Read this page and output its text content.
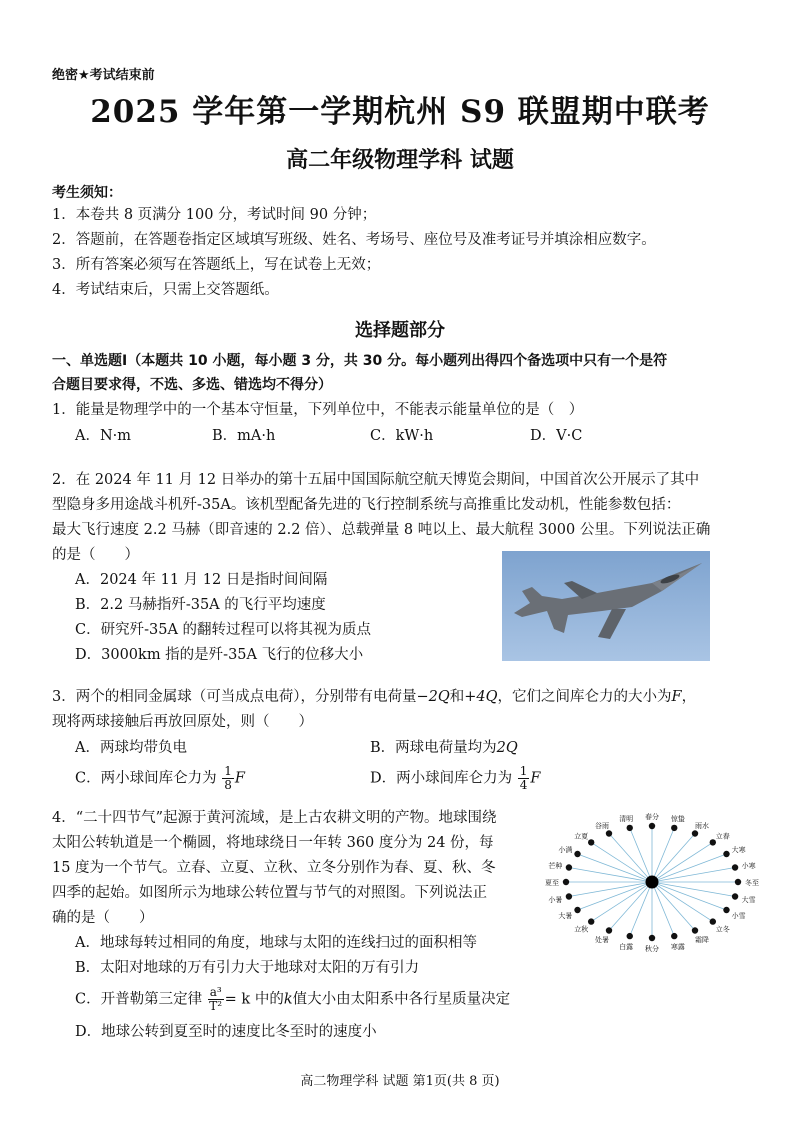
绝密★考试结束前
2025 学年第一学期杭州 S9 联盟期中联考
高二年级物理学科 试题
考生须知：
1．本卷共 8 页满分 100 分，考试时间 90 分钟；
2．答题前，在答题卷指定区域填写班级、姓名、考场号、座位号及准考证号并填涂相应数字。
3．所有答案必须写在答题纸上，写在试卷上无效；
4．考试结束后，只需上交答题纸。
选择题部分
一、单选题Ⅰ（本题共 10 小题，每小题 3 分，共 30 分。每小题列出得四个备选项中只有一个是符
合题目要求得，不选、多选、错选均不得分）
1．能量是物理学中的一个基本守恒量，下列单位中，不能表示能量单位的是（　）
A．N·m	B．mA·h	C．kW·h	D．V·C
2．在 2024 年 11 月 12 日举办的第十五届中国国际航空航天博览会期间，中国首次公开展示了其中
型隐身多用途战斗机歼-35A。该机型配备先进的飞行控制系统与高推重比发动机，性能参数包括：
最大飞行速度 2.2 马赫（即音速的 2.2 倍）、总载弹量 8 吨以上、最大航程 3000 公里。下列说法正确
的是（　　）
A．2024 年 11 月 12 日是指时间间隔
B．2.2 马赫指歼-35A 的飞行平均速度
C．研究歼-35A 的翻转过程可以将其视为质点
D．3000km 指的是歼-35A 飞行的位移大小
3．两个的相同金属球（可当成点电荷），分别带有电荷量−2Q和+4Q，它们之间库仑力的大小为F，
现将两球接触后再放回原处，则（　　）
A．两球均带负电	B．两球电荷量均为2Q
C．两小球间库仑力为 $\frac{1}{8}$ F	D．两小球间库仑力为 $\frac{1}{4}$ F
4．“二十四节气”起源于黄河流域，是上古农耕文明的产物。地球围绕
太阳公转轨道是一个椭圆，将地球绕日一年转 360 度分为 24 份，每
15 度为一个节气。立春、立夏、立秋、立冬分别作为春、夏、秋、冬
四季的起始。如图所示为地球公转位置与节气的对照图。下列说法正
确的是（　　）
A．地球每转过相同的角度，地球与太阳的连线扫过的面积相等
B．太阳对地球的万有引力大于地球对太阳的万有引力
C．开普勒第三定律 $\frac{\text{a³}}{\text{T²}} = k$ 中的k值大小由太阳系中各行星质量决定
D．地球公转到夏至时的速度比冬至时的速度小
冬至
小寒
大寒
立春
雨水
惊蛰
春分
清明
谷雨
立夏
小满
芒种
夏至
小暑
大暑
立秋
处暑
白露 秋分 寒露
霜降
立冬
小雪
大雪
高二物理学科 试题 第1页(共 8 页)
